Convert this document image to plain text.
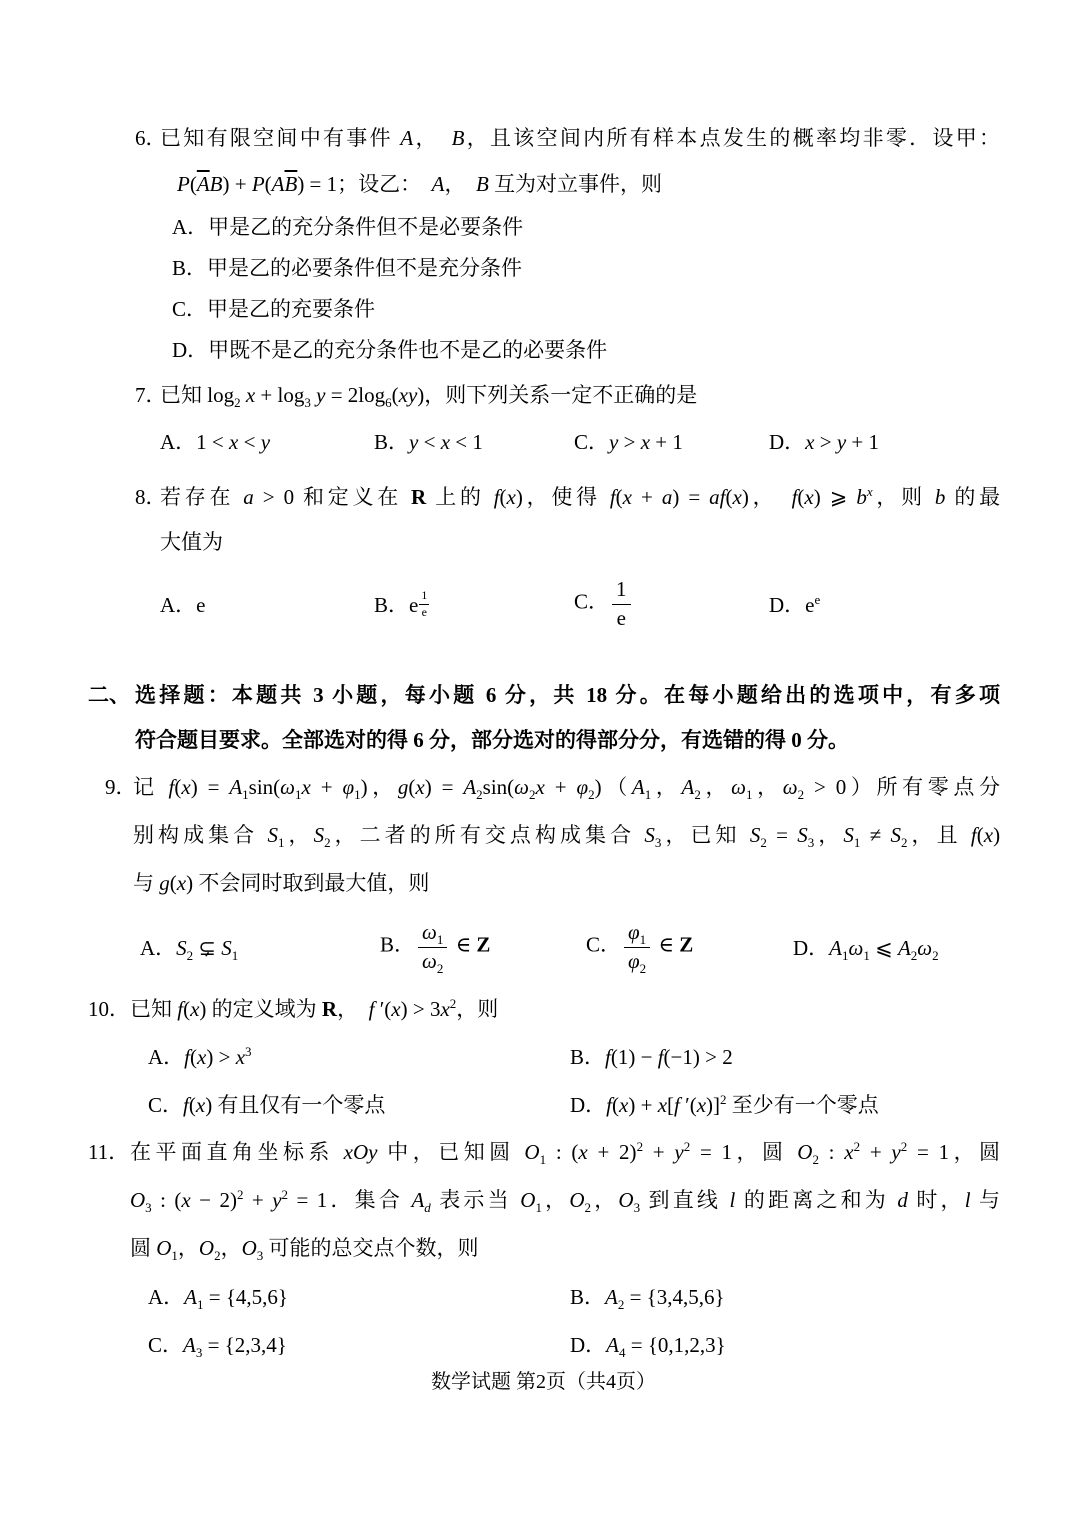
6．
已知有限空间中有事件 A，　B，且该空间内所有样本点发生的概率均非零．设甲：
$P(\overline{A}B) + P(A\overline{B}) = 1$；设乙：　A，　B 互为对立事件，则
A．甲是乙的充分条件但不是必要条件
B．甲是乙的必要条件但不是充分条件
C．甲是乙的充要条件
D．甲既不是乙的充分条件也不是乙的必要条件
7．
已知 $\log_2 x + \log_3 y = 2\log_6(xy)$，则下列关系一定不正确的是
A．1 < x < y	B．y < x < 1	C．y > x + 1	D．x > y + 1
8．
若存在 a > 0 和定义在 R 上的 f(x)，使得 f(x + a) = af(x)，　f(x) ⩾ $b^x$，则 b 的最
大值为
A．e	B．e $^{\frac{1}{e}}$	C． $\frac{1}{e}$	D．$e^e$
二、 选择题：本题共 3 小题，每小题 6 分，共 18 分。在每小题给出的选项中，有多项
符合题目要求。全部选对的得 6 分，部分选对的得部分分，有选错的得 0 分。
9．
记 $f(x) = A_1\sin(\omega_1x + \varphi_1)$，$g(x) = A_2\sin(\omega_2x + \varphi_2)(A_1$，$A_2$，$\omega_1$，$\omega_2 > 0$）所有零点分
别构成集合 $S_1$，$S_2$，二者的所有交点构成集合 $S_3$，已知 $S_2 = S_3$，$S_1 \ne S_2$，且 f(x)
与 g(x) 不会同时取到最大值，则
A．$S_2$ ⊊ $S_1$	B． $\frac{\omega_1}{\omega_2}$ ∈ Z	C． $\frac{\varphi_1}{\varphi_2}$ ∈ Z	D．$A_1\omega_1$ ⩽ $A_2\omega_2$
10． 已知 f(x) 的定义域为 R，　f $'(x) > 3x^2$，则
A．$f(x) > x^3$	B．f(1) − f(−1) > 2
C．f(x) 有且仅有一个零点	D．f(x) + x[f ′(x)]$^2$ 至少有一个零点
11． 在平面直角坐标系 xOy 中，已知圆 $O_1$ : $(x + 2)^2 + y^2 = 1$，圆 $O_2$ : $x^2 + y^2 = 1$，圆
$O_3$ : $(x - 2)^2 + y^2 = 1$．集合 $A_d$ 表示当 $O_1$，$O_2$，$O_3$ 到直线 l 的距离之和为 d 时，l 与
圆 $O_1$，$O_2$，$O_3$ 可能的总交点个数，则
A．$A_1 = \{4,5,6\}$	B．$A_2 = \{3,4,5,6\}$
C．$A_3 = \{2,3,4\}$	D．$A_4 = \{0,1,2,3\}$
数学试题 第2页（共4页）
